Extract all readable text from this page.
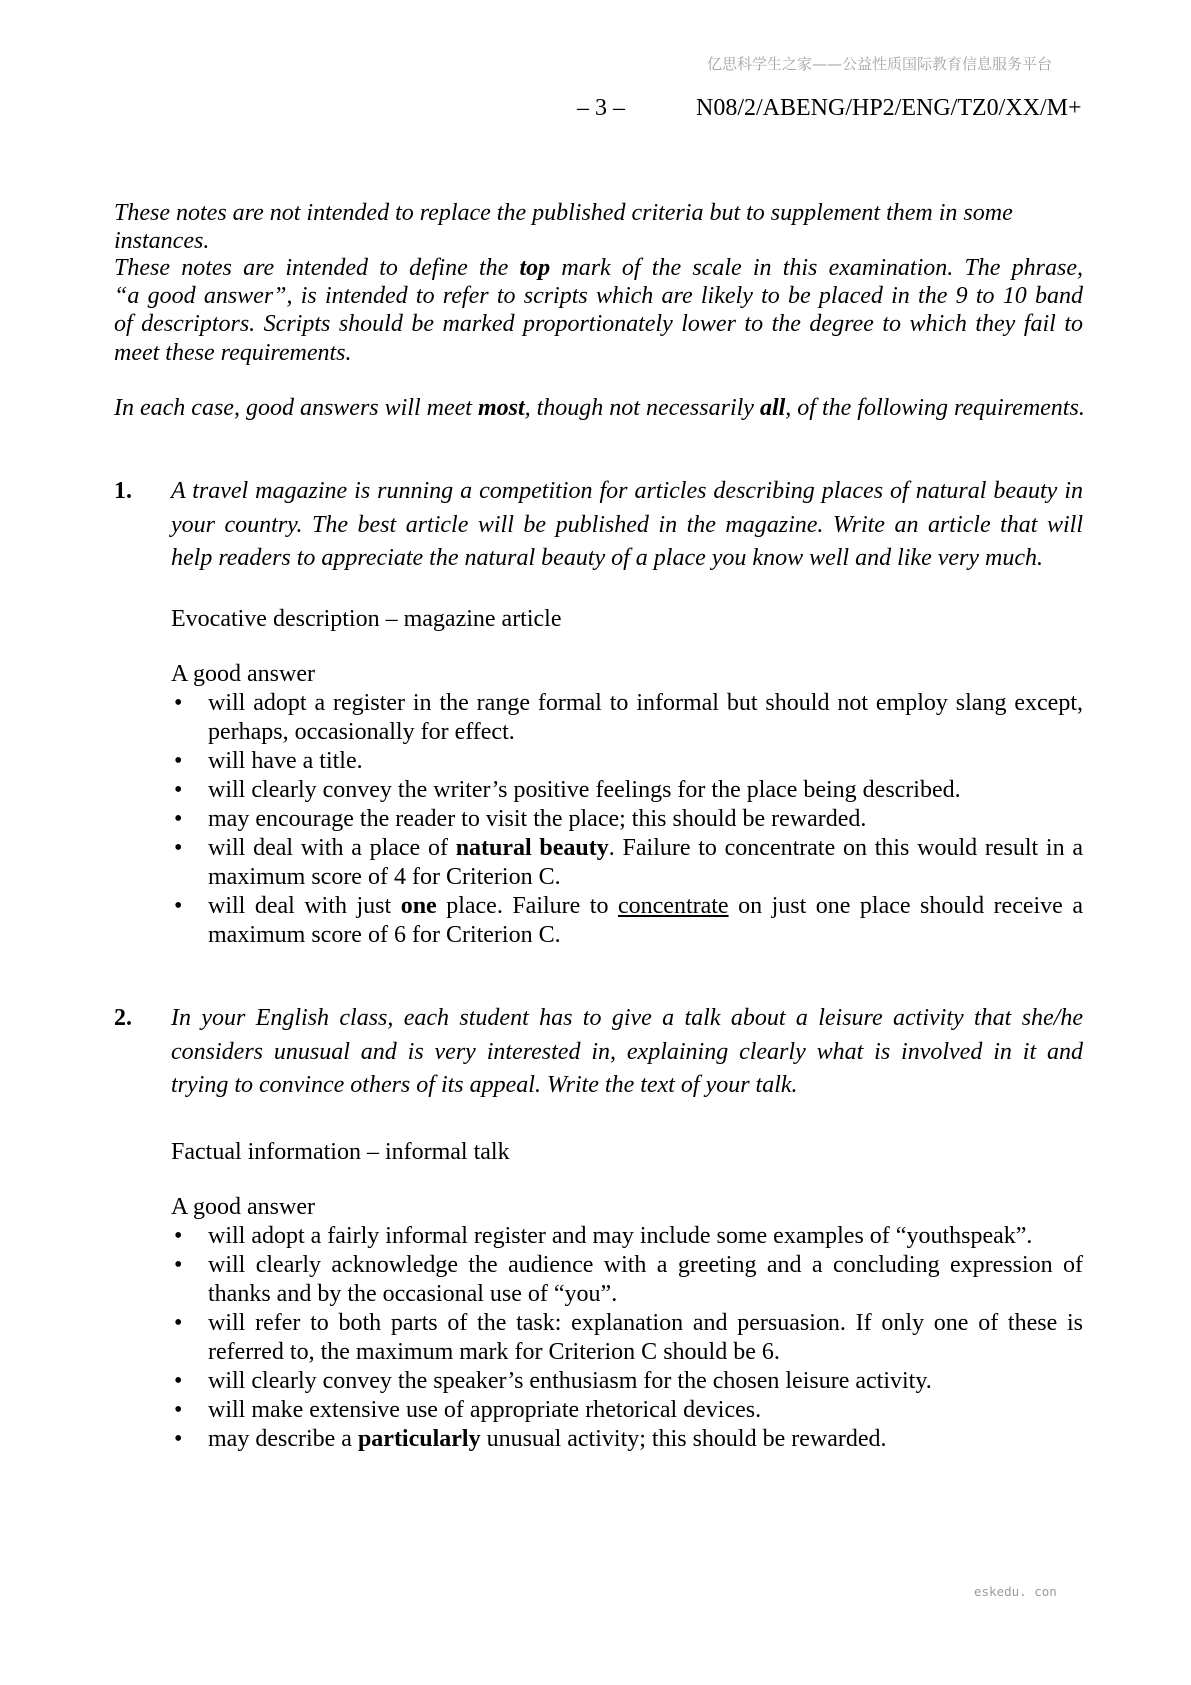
亿思科学生之家——公益性质国际教育信息服务平台
– 3 –	N08/2/ABENG/HP2/ENG/TZ0/XX/M+
These notes are not intended to replace the published criteria but to supplement them in some instances.
These notes are intended to define the top mark of the scale in this examination. The phrase,
“a good answer”, is intended to refer to scripts which are likely to be placed in the 9 to 10 band
of descriptors. Scripts should be marked proportionately lower to the degree to which they fail to
meet these requirements.
In each case, good answers will meet most, though not necessarily all, of the following requirements.
1. A travel magazine is running a competition for articles describing places of natural beauty in
your country. The best article will be published in the magazine. Write an article that will
help readers to appreciate the natural beauty of a place you know well and like very much.
Evocative description – magazine article
A good answer
• will adopt a register in the range formal to informal but should not employ slang except,
perhaps, occasionally for effect.
• will have a title.
• will clearly convey the writer’s positive feelings for the place being described.
• may encourage the reader to visit the place; this should be rewarded.
• will deal with a place of natural beauty. Failure to concentrate on this would result in a
maximum score of 4 for Criterion C.
• will deal with just one place. Failure to concentrate on just one place should receive a
maximum score of 6 for Criterion C.
2. In your English class, each student has to give a talk about a leisure activity that she/he
considers unusual and is very interested in, explaining clearly what is involved in it and
trying to convince others of its appeal. Write the text of your talk.
Factual information – informal talk
A good answer
• will adopt a fairly informal register and may include some examples of “youthspeak”.
• will clearly acknowledge the audience with a greeting and a concluding expression of
thanks and by the occasional use of “you”.
• will refer to both parts of the task: explanation and persuasion. If only one of these is
referred to, the maximum mark for Criterion C should be 6.
• will clearly convey the speaker’s enthusiasm for the chosen leisure activity.
• will make extensive use of appropriate rhetorical devices.
• may describe a particularly unusual activity; this should be rewarded.
eskedu. con
